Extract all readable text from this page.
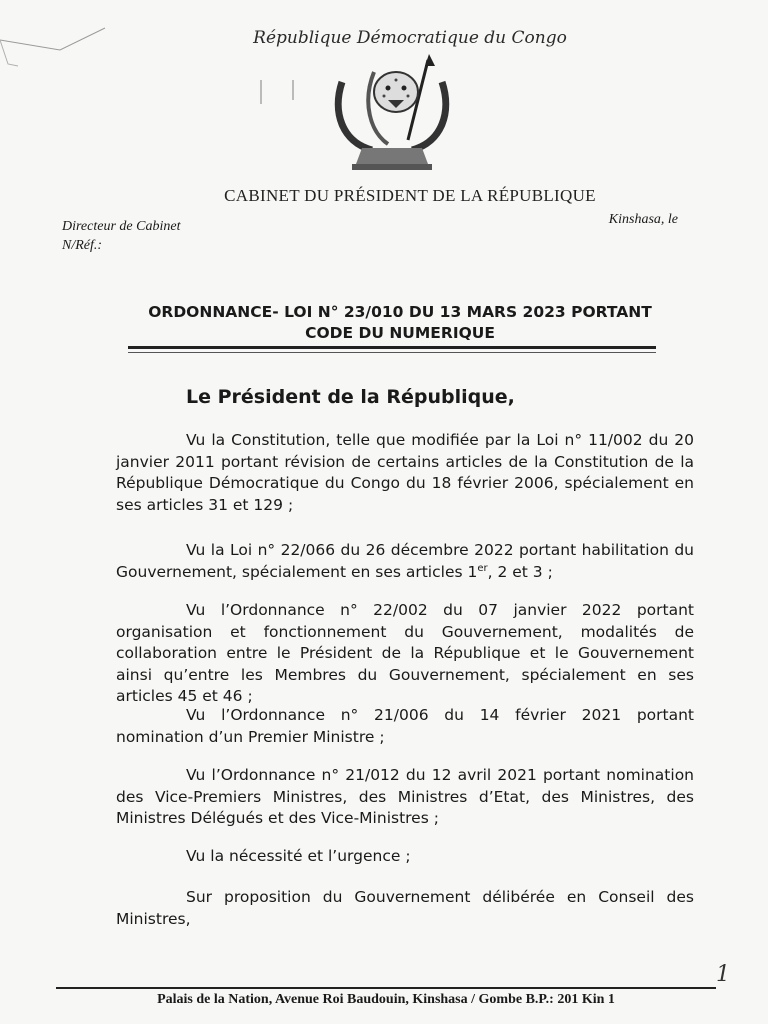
République Démocratique du Congo
CABINET DU PRÉSIDENT DE LA RÉPUBLIQUE
Directeur de Cabinet
N/Réf.:
Kinshasa, le
ORDONNANCE- LOI N° 23/010 DU 13 MARS 2023 PORTANT
CODE DU NUMERIQUE
Le Président de la République,

Vu la Constitution, telle que modifiée par la Loi n° 11/002 du 20 janvier 2011 portant révision de certains articles de la Constitution de la République Démocratique du Congo du 18 février 2006, spécialement en ses articles 31 et 129 ;

Vu la Loi n° 22/066 du 26 décembre 2022 portant habilitation du Gouvernement, spécialement en ses articles 1er, 2 et 3 ;

Vu l’Ordonnance n° 22/002 du 07 janvier 2022 portant organisation et fonctionnement du Gouvernement, modalités de collaboration entre le Président de la République et le Gouvernement ainsi qu’entre les Membres du Gouvernement, spécialement en ses articles 45 et 46 ;

Vu l’Ordonnance n° 21/006 du 14 février 2021 portant nomination d’un Premier Ministre ;

Vu l’Ordonnance n° 21/012 du 12 avril 2021 portant nomination des Vice-Premiers Ministres, des Ministres d’Etat, des Ministres, des Ministres Délégués et des Vice-Ministres ;

Vu la nécessité et l’urgence ;

Sur proposition du Gouvernement délibérée en Conseil des Ministres,

1
Palais de la Nation, Avenue Roi Baudouin, Kinshasa / Gombe B.P.: 201 Kin 1
